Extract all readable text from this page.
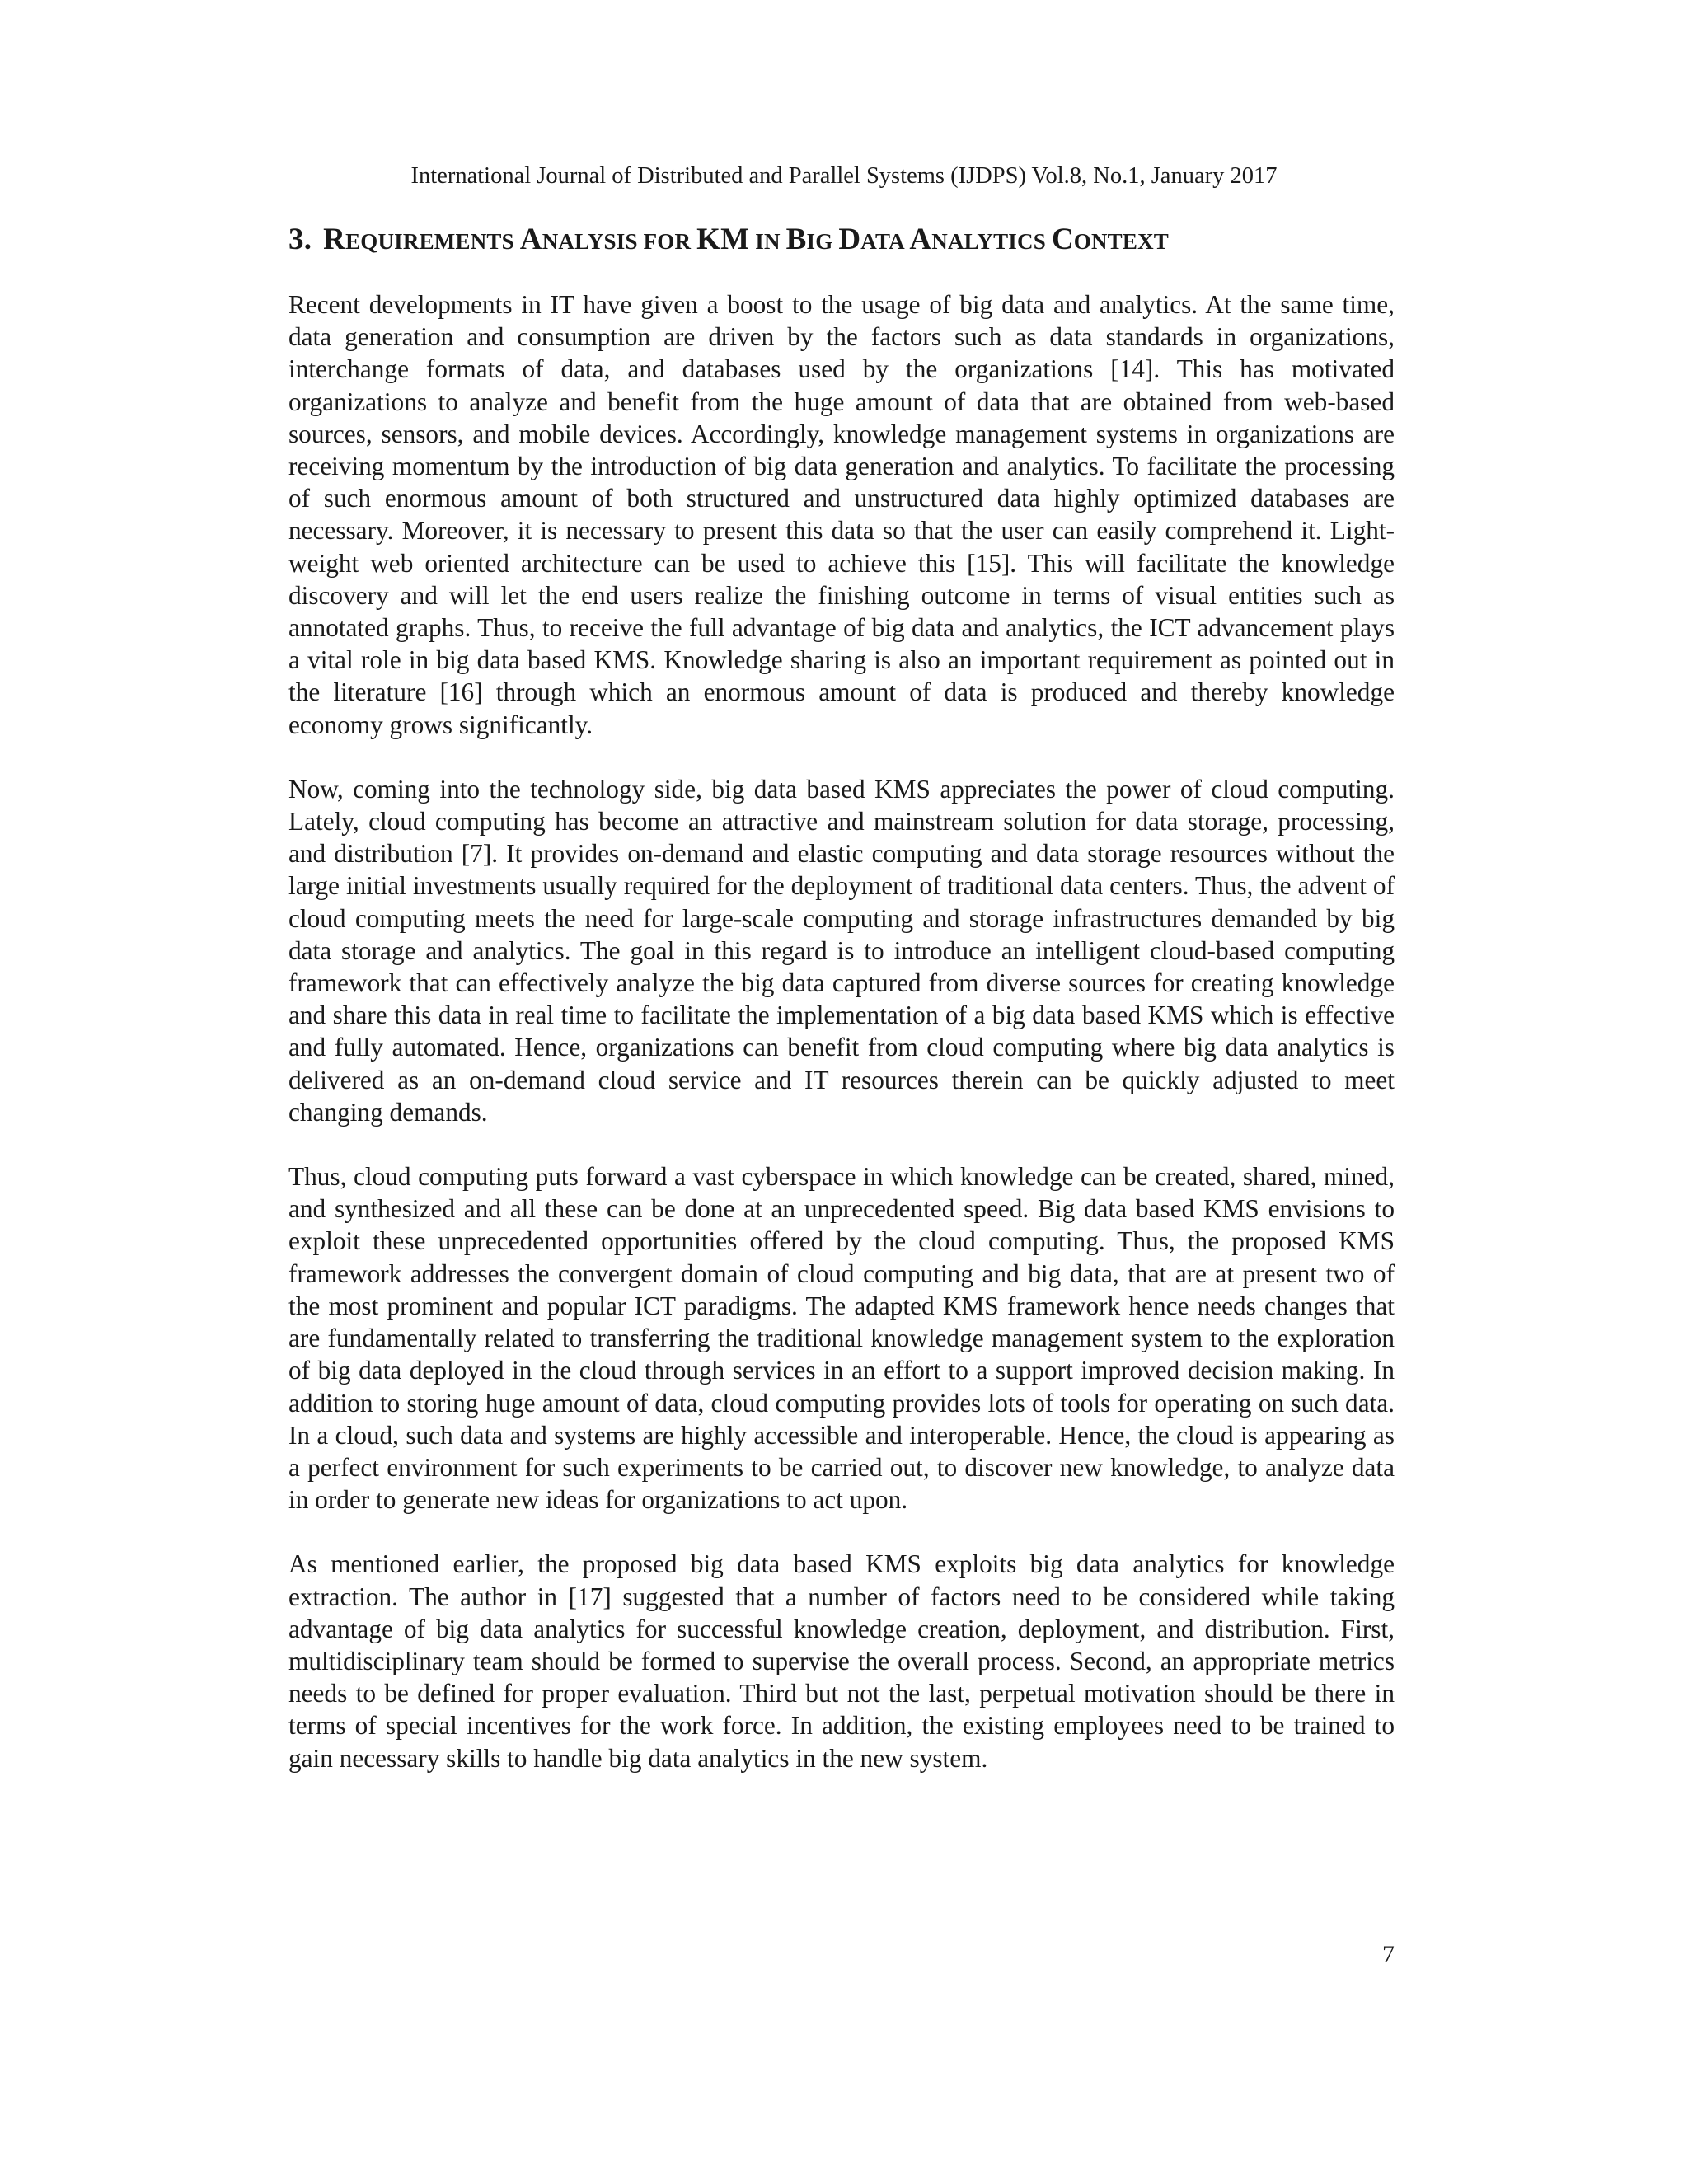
International Journal of Distributed and Parallel Systems (IJDPS) Vol.8, No.1, January 2017
3. REQUIREMENTS ANALYSIS FOR KM IN BIG DATA ANALYTICS CONTEXT

Recent developments in IT have given a boost to the usage of big data and analytics. At the same time, data generation and consumption are driven by the factors such as data standards in organizations, interchange formats of data, and databases used by the organizations [14]. This has motivated organizations to analyze and benefit from the huge amount of data that are obtained from web-based sources, sensors, and mobile devices. Accordingly, knowledge management systems in organizations are receiving momentum by the introduction of big data generation and analytics. To facilitate the processing of such enormous amount of both structured and unstructured data highly optimized databases are necessary. Moreover, it is necessary to present this data so that the user can easily comprehend it. Light-weight web oriented architecture can be used to achieve this [15]. This will facilitate the knowledge discovery and will let the end users realize the finishing outcome in terms of visual entities such as annotated graphs. Thus, to receive the full advantage of big data and analytics, the ICT advancement plays a vital role in big data based KMS. Knowledge sharing is also an important requirement as pointed out in the literature [16] through which an enormous amount of data is produced and thereby knowledge economy grows significantly.

Now, coming into the technology side, big data based KMS appreciates the power of cloud computing. Lately, cloud computing has become an attractive and mainstream solution for data storage, processing, and distribution [7]. It provides on-demand and elastic computing and data storage resources without the large initial investments usually required for the deployment of traditional data centers. Thus, the advent of cloud computing meets the need for large-scale computing and storage infrastructures demanded by big data storage and analytics. The goal in this regard is to introduce an intelligent cloud-based computing framework that can effectively analyze the big data captured from diverse sources for creating knowledge and share this data in real time to facilitate the implementation of a big data based KMS which is effective and fully automated. Hence, organizations can benefit from cloud computing where big data analytics is delivered as an on-demand cloud service and IT resources therein can be quickly adjusted to meet changing demands.

Thus, cloud computing puts forward a vast cyberspace in which knowledge can be created, shared, mined, and synthesized and all these can be done at an unprecedented speed. Big data based KMS envisions to exploit these unprecedented opportunities offered by the cloud computing. Thus, the proposed KMS framework addresses the convergent domain of cloud computing and big data, that are at present two of the most prominent and popular ICT paradigms. The adapted KMS framework hence needs changes that are fundamentally related to transferring the traditional knowledge management system to the exploration of big data deployed in the cloud through services in an effort to a support improved decision making. In addition to storing huge amount of data, cloud computing provides lots of tools for operating on such data. In a cloud, such data and systems are highly accessible and interoperable. Hence, the cloud is appearing as a perfect environment for such experiments to be carried out, to discover new knowledge, to analyze data in order to generate new ideas for organizations to act upon.

As mentioned earlier, the proposed big data based KMS exploits big data analytics for knowledge extraction. The author in [17] suggested that a number of factors need to be considered while taking advantage of big data analytics for successful knowledge creation, deployment, and distribution. First, multidisciplinary team should be formed to supervise the overall process. Second, an appropriate metrics needs to be defined for proper evaluation. Third but not the last, perpetual motivation should be there in terms of special incentives for the work force. In addition, the existing employees need to be trained to gain necessary skills to handle big data analytics in the new system.

7
